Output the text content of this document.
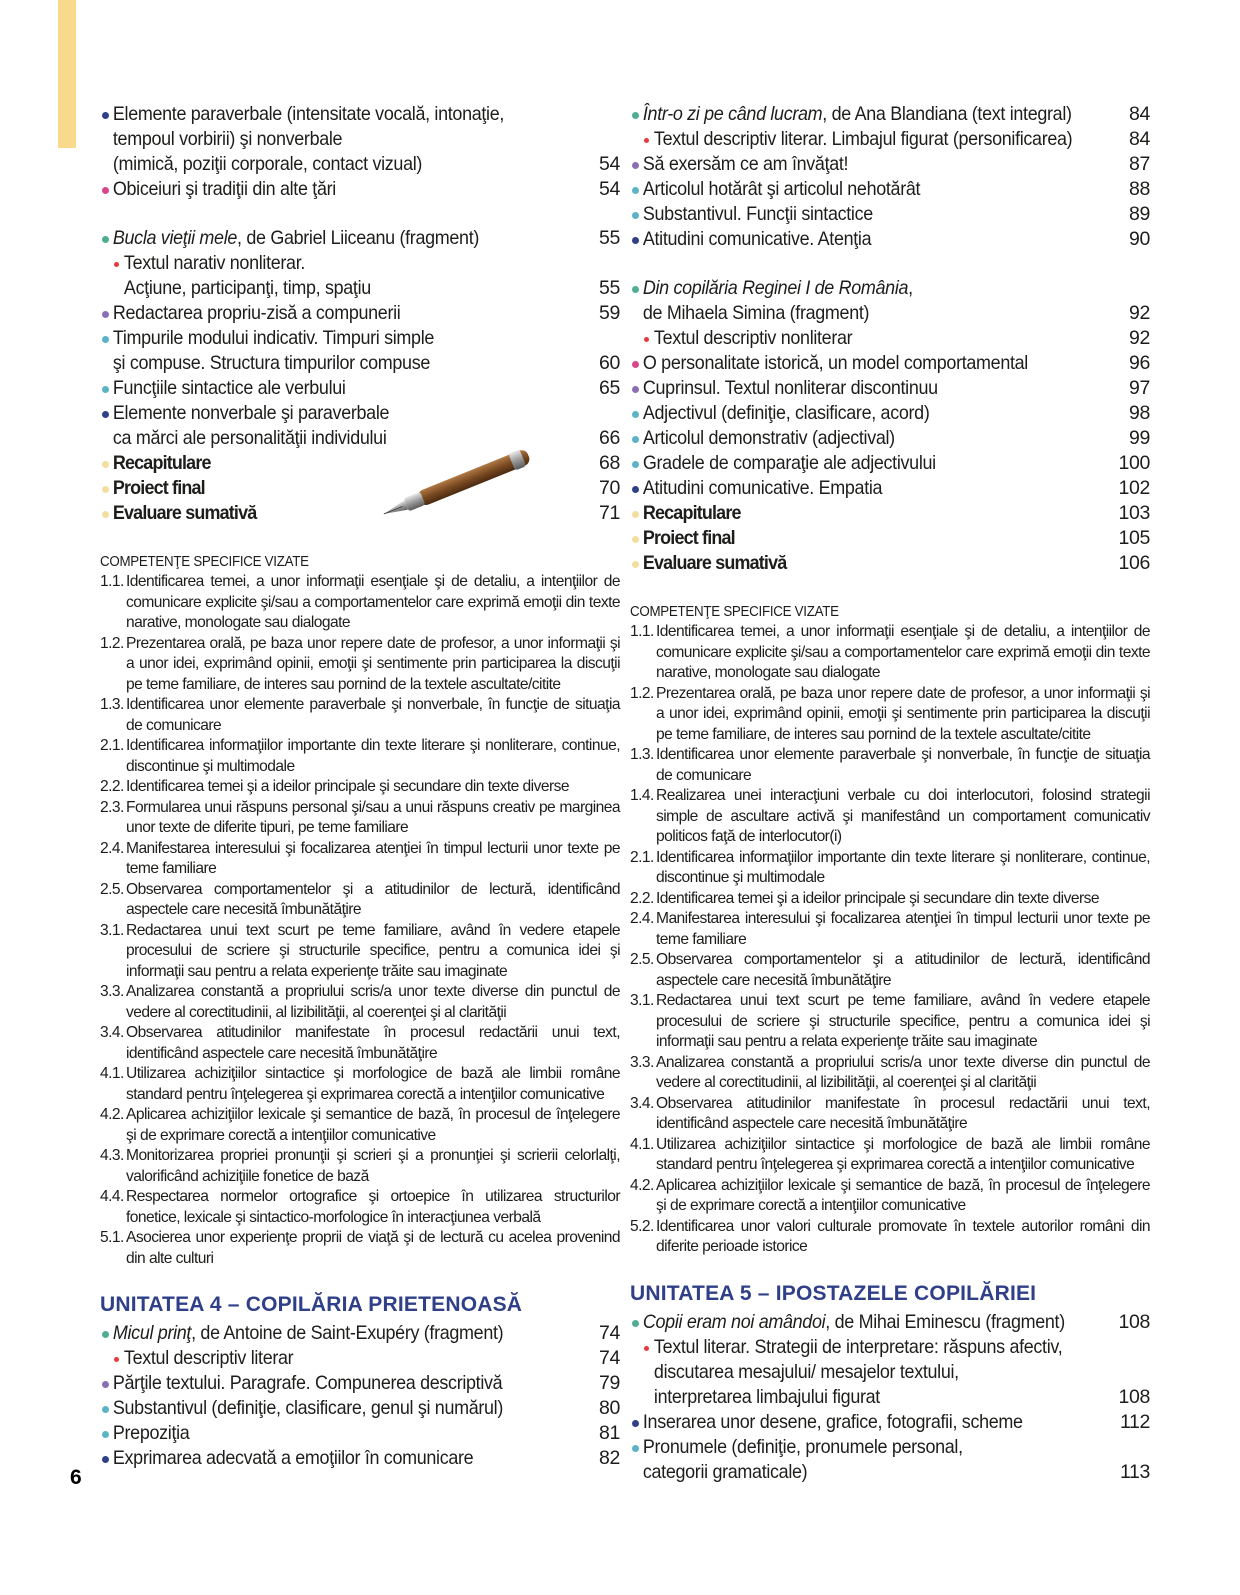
Elemente paraverbale (intensitate vocală, intonaţie,
tempoul vorbirii) şi nonverbale
(mimică, poziţii corporale, contact vizual)	54
Obiceiuri şi tradiţii din alte ţări	54
Bucla vieţii mele, de Gabriel Liiceanu (fragment)	55
Textul narativ nonliterar.
Acţiune, participanţi, timp, spaţiu	55
Redactarea propriu-zisă a compunerii	59
Timpurile modului indicativ. Timpuri simple
şi compuse. Structura timpurilor compuse	60
Funcţiile sintactice ale verbului	65
Elemente nonverbale şi paraverbale
ca mărci ale personalităţii individului	66
Recapitulare	68
Proiect final	70
Evaluare sumativă	71
COMPETENŢE SPECIFICE VIZATE
1.1. Identificarea temei, a unor informaţii esenţiale şi de detaliu, a intenţiilor de comunicare explicite şi/sau a comportamentelor care exprimă emoţii din texte narative, monologate sau dialogate
1.2. Prezentarea orală, pe baza unor repere date de profesor, a unor informaţii şi a unor idei, exprimând opinii, emoţii şi sentimente prin participarea la discuţii pe teme familiare, de interes sau pornind de la textele ascultate/citite
1.3. Identificarea unor elemente paraverbale şi nonverbale, în funcţie de situaţia de comunicare
2.1. Identificarea informaţiilor importante din texte literare şi nonliterare, continue, discontinue şi multimodale
2.2. Identificarea temei şi a ideilor principale şi secundare din texte diverse
2.3. Formularea unui răspuns personal şi/sau a unui răspuns creativ pe marginea unor texte de diferite tipuri, pe teme familiare
2.4. Manifestarea interesului şi focalizarea atenţiei în timpul lecturii unor texte pe teme familiare
2.5. Observarea comportamentelor şi a atitudinilor de lectură, identificând aspectele care necesită îmbunătăţire
3.1. Redactarea unui text scurt pe teme familiare, având în vedere etapele procesului de scriere şi structurile specifice, pentru a comunica idei şi informaţii sau pentru a relata experienţe trăite sau imaginate
3.3. Analizarea constantă a propriului scris/a unor texte diverse din punctul de vedere al corectitudinii, al lizibilităţii, al coerenţei şi al clarităţii
3.4. Observarea atitudinilor manifestate în procesul redactării unui text, identificând aspectele care necesită îmbunătăţire
4.1. Utilizarea achiziţiilor sintactice şi morfologice de bază ale limbii române standard pentru înţelegerea şi exprimarea corectă a intenţiilor comunicative
4.2. Aplicarea achiziţiilor lexicale şi semantice de bază, în procesul de înţelegere şi de exprimare corectă a intenţiilor comunicative
4.3. Monitorizarea propriei pronunţii şi scrieri şi a pronunţiei şi scrierii celorlalţi, valorificând achiziţiile fonetice de bază
4.4. Respectarea normelor ortografice şi ortoepice în utilizarea structurilor fonetice, lexicale şi sintactico-morfologice în interacţiunea verbală
5.1. Asocierea unor experienţe proprii de viaţă şi de lectură cu acelea provenind din alte culturi
UNITATEA 4 – COPILĂRIA PRIETENOASĂ
Micul prinţ, de Antoine de Saint-Exupéry (fragment)	74
Textul descriptiv literar	74
Părţile textului. Paragrafe. Compunerea descriptivă	79
Substantivul (definiţie, clasificare, genul şi numărul)	80
Prepoziţia	81
Exprimarea adecvată a emoţiilor în comunicare	82
Într-o zi pe când lucram, de Ana Blandiana (text integral)	84
Textul descriptiv literar. Limbajul figurat (personificarea)	84
Să exersăm ce am învăţat!	87
Articolul hotărât şi articolul nehotărât	88
Substantivul. Funcţii sintactice	89
Atitudini comunicative. Atenţia	90
Din copilăria Reginei I de România,
de Mihaela Simina (fragment)	92
Textul descriptiv nonliterar	92
O personalitate istorică, un model comportamental	96
Cuprinsul. Textul nonliterar discontinuu	97
Adjectivul (definiţie, clasificare, acord)	98
Articolul demonstrativ (adjectival)	99
Gradele de comparaţie ale adjectivului	100
Atitudini comunicative. Empatia	102
Recapitulare	103
Proiect final	105
Evaluare sumativă	106
COMPETENŢE SPECIFICE VIZATE
1.1. Identificarea temei, a unor informaţii esenţiale şi de detaliu, a intenţiilor de comunicare explicite şi/sau a comportamentelor care exprimă emoţii din texte narative, monologate sau dialogate
1.2. Prezentarea orală, pe baza unor repere date de profesor, a unor informaţii şi a unor idei, exprimând opinii, emoţii şi sentimente prin participarea la discuţii pe teme familiare, de interes sau pornind de la textele ascultate/citite
1.3. Identificarea unor elemente paraverbale şi nonverbale, în funcţie de situaţia de comunicare
1.4. Realizarea unei interacţiuni verbale cu doi interlocutori, folosind strategii simple de ascultare activă şi manifestând un comportament comunicativ politicos faţă de interlocutor(i)
2.1. Identificarea informaţiilor importante din texte literare şi nonliterare, continue, discontinue şi multimodale
2.2. Identificarea temei şi a ideilor principale şi secundare din texte diverse
2.4. Manifestarea interesului şi focalizarea atenţiei în timpul lecturii unor texte pe teme familiare
2.5. Observarea comportamentelor şi a atitudinilor de lectură, identificând aspectele care necesită îmbunătăţire
3.1. Redactarea unui text scurt pe teme familiare, având în vedere etapele procesului de scriere şi structurile specifice, pentru a comunica idei şi informaţii sau pentru a relata experienţe trăite sau imaginate
3.3. Analizarea constantă a propriului scris/a unor texte diverse din punctul de vedere al corectitudinii, al lizibilităţii, al coerenţei şi al clarităţii
3.4. Observarea atitudinilor manifestate în procesul redactării unui text, identificând aspectele care necesită îmbunătăţire
4.1. Utilizarea achiziţiilor sintactice şi morfologice de bază ale limbii române standard pentru înţelegerea şi exprimarea corectă a intenţiilor comunicative
4.2. Aplicarea achiziţiilor lexicale şi semantice de bază, în procesul de înţelegere şi de exprimare corectă a intenţiilor comunicative
5.2. Identificarea unor valori culturale promovate în textele autorilor români din diferite perioade istorice
UNITATEA 5 – IPOSTAZELE COPILĂRIEI
Copii eram noi amândoi, de Mihai Eminescu (fragment)	108
Textul literar. Strategii de interpretare: răspuns afectiv,
discutarea mesajului/ mesajelor textului,
interpretarea limbajului figurat	108
Inserarea unor desene, grafice, fotografii, scheme	112
Pronumele (definiţie, pronumele personal,
categorii gramaticale)	113
6
